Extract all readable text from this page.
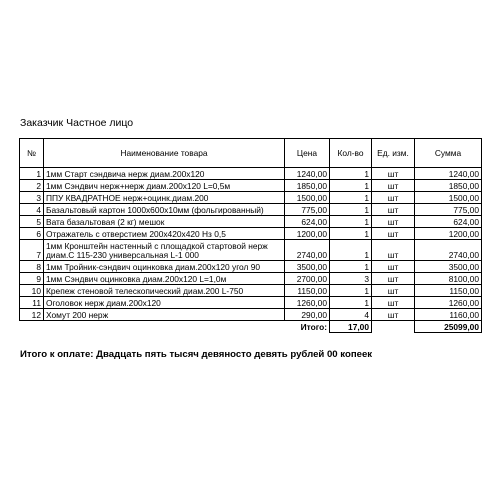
Заказчик Частное лицо
№	Наименование товара	Цена	Кол-во	Ед. изм.	Сумма
1	1мм Старт сэндвича нерж диам.200х120	1240,00	1	шт	1240,00
2	1мм Сэндвич нерж+нерж диам.200х120 L=0,5м	1850,00	1	шт	1850,00
3	ППУ КВАДРАТНОЕ нерж+оцинк.диам.200	1500,00	1	шт	1500,00
4	Базальтовый картон 1000х600х10мм (фольгированный)	775,00	1	шт	775,00
5	Вата базальтовая (2 кг) мешок	624,00	1	шт	624,00
6	Отражатель с отверстием 200х420х420 Нз 0,5	1200,00	1	шт	1200,00
7	1мм Кронштейн настенный с площадкой стартовой нерж диам.С 115-230 универсальная L-1 000	2740,00	1	шт	2740,00
8	1мм Тройник-сэндвич оцинковка диам.200х120 угол 90	3500,00	1	шт	3500,00
9	1мм Сэндвич оцинковка диам.200х120 L=1,0м	2700,00	3	шт	8100,00
10	Крепеж стеновой телескопический диам.200 L-750	1150,00	1	шт	1150,00
11	Оголовок нерж диам.200х120	1260,00	1	шт	1260,00
12	Хомут 200 нерж	290,00	4	шт	1160,00
		Итого:	17,00		25099,00
Итого к оплате: Двадцать пять тысяч девяносто девять рублей 00 копеек
